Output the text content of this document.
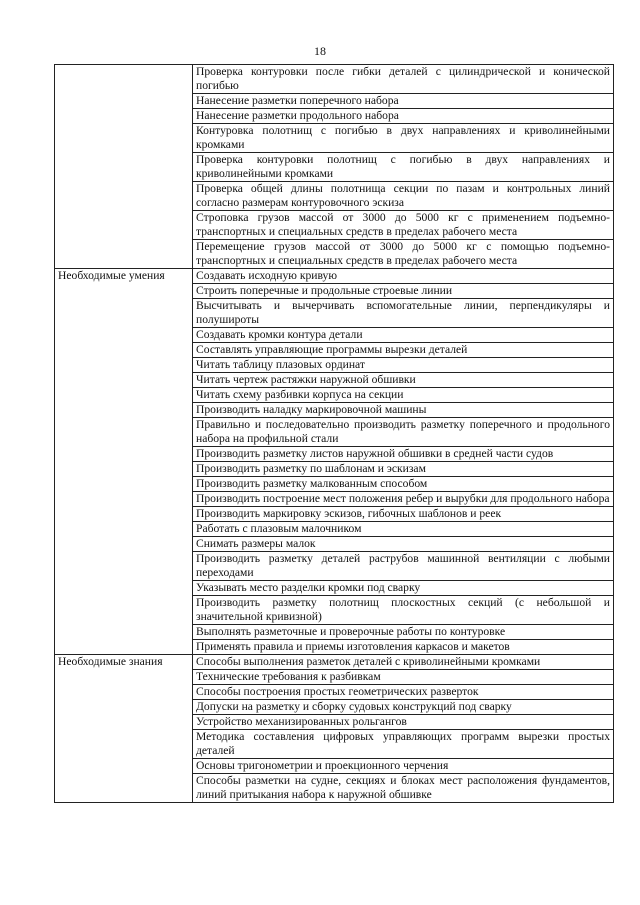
18
	Проверка контуровки после гибки деталей с цилиндрической и конической погибью
	Нанесение разметки поперечного набора
	Нанесение разметки продольного набора
	Контуровка полотнищ с погибью в двух направлениях и криволинейными кромками
	Проверка контуровки полотнищ с погибью в двух направлениях и криволинейными кромками
	Проверка общей длины полотнища секции по пазам и контрольных линий согласно размерам контуровочного эскиза
	Строповка грузов массой от 3000 до 5000 кг с применением подъемно-транспортных и специальных средств в пределах рабочего места
	Перемещение грузов массой от 3000 до 5000 кг с помощью подъемно-транспортных и специальных средств в пределах рабочего места
Необходимые умения	Создавать исходную кривую
	Строить поперечные и продольные строевые линии
	Высчитывать и вычерчивать вспомогательные линии, перпендикуляры и полуширοты
	Создавать кромки контура детали
	Составлять управляющие программы вырезки деталей
	Читать таблицу плазовых ординат
	Читать чертеж растяжки наружной обшивки
	Читать схему разбивки корпуса на секции
	Производить наладку маркировочной машины
	Правильно и последовательно производить разметку поперечного и продольного набора на профильной стали
	Производить разметку листов наружной обшивки в средней части судов
	Производить разметку по шаблонам и эскизам
	Производить разметку малкованным способом
	Производить построение мест положения ребер и вырубки для продольного набора
	Производить маркировку эскизов, гибочных шаблонов и реек
	Работать с плазовым малочником
	Снимать размеры малок
	Производить разметку деталей раструбов машинной вентиляции с любыми переходами
	Указывать место разделки кромки под сварку
	Производить разметку полотнищ плоскостных секций (с небольшой и значительной кривизной)
	Выполнять разметочные и проверочные работы по контуровке
	Применять правила и приемы изготовления каркасов и макетов
Необходимые знания	Способы выполнения разметок деталей с криволинейными кромками
	Технические требования к разбивкам
	Способы построения простых геометрических разверток
	Допуски на разметку и сборку судовых конструкций под сварку
	Устройство механизированных рольгангов
	Методика составления цифровых управляющих программ вырезки простых деталей
	Основы тригонометрии и проекционного черчения
	Способы разметки на судне, секциях и блоках мест расположения фундаментов, линий притыкания набора к наружной обшивке
